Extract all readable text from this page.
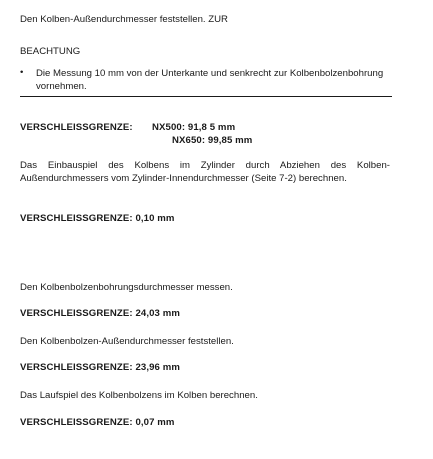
Den Kolben-Außendurchmesser feststellen. ZUR
BEACHTUNG
• Die Messung 10 mm von der Unterkante und senkrecht zur Kolbenbolzenbohrung vornehmen.
VERSCHLEISSGRENZE: NX500: 91,8 5 mm
NX650: 99,85 mm
Das Einbauspiel des Kolbens im Zylinder durch Abziehen des Kolben-Außendurchmessers vom Zylinder-Innendurchmesser (Seite 7-2) berechnen.
VERSCHLEISSGRENZE: 0,10 mm
Den Kolbenbolzenbohrungsdurchmesser messen.
VERSCHLEISSGRENZE: 24,03 mm
Den Kolbenbolzen-Außendurchmesser feststellen.
VERSCHLEISSGRENZE: 23,96 mm
Das Laufspiel des Kolbenbolzens im Kolben berechnen.
VERSCHLEISSGRENZE: 0,07 mm
